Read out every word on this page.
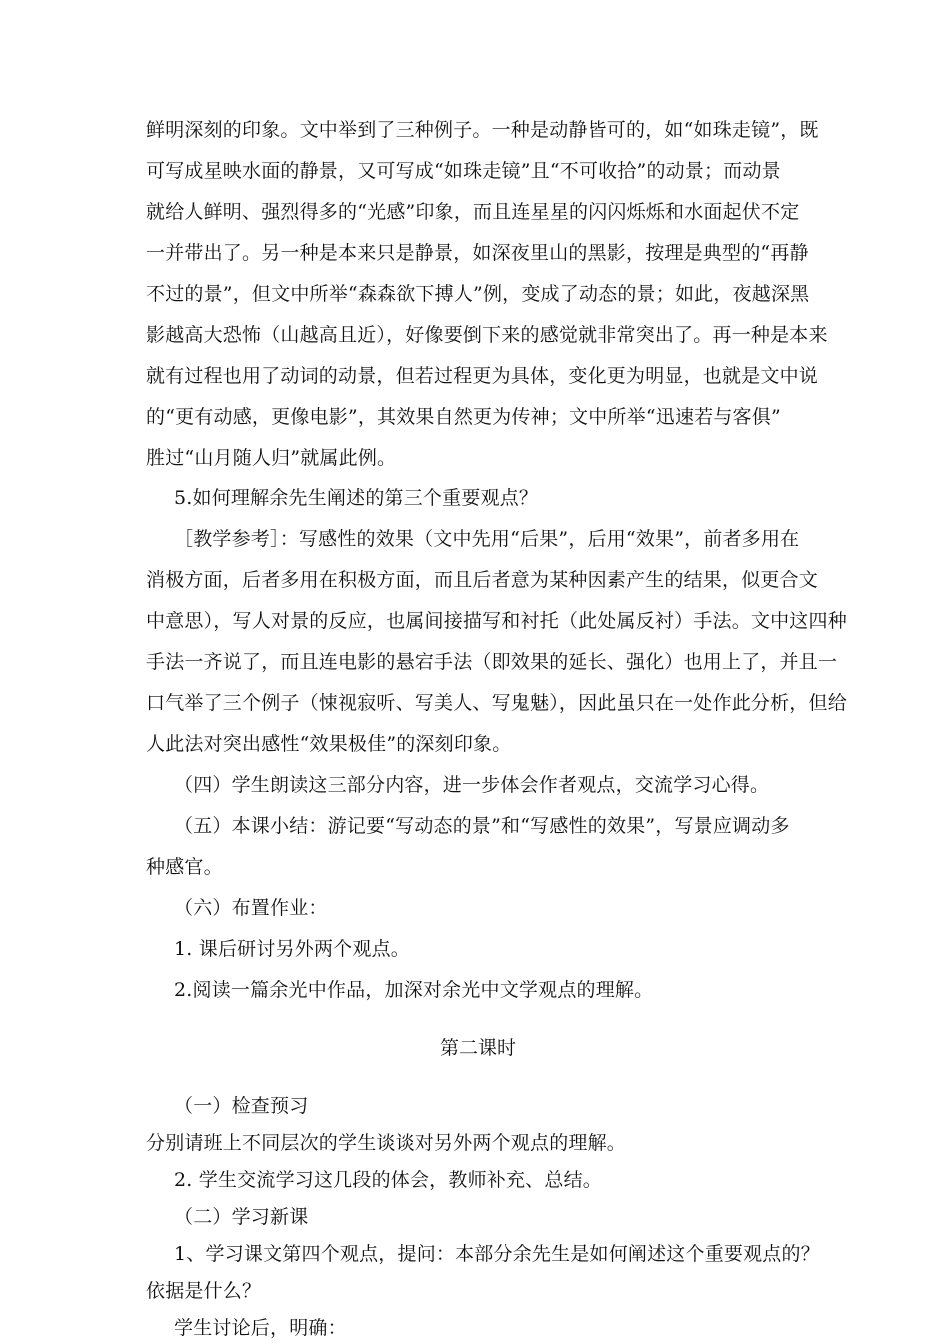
鲜明深刻的印象。文中举到了三种例子。一种是动静皆可的，如“如珠走镜”，既
可写成星映水面的静景，又可写成“如珠走镜”且“不可收拾”的动景；而动景
就给人鲜明、强烈得多的“光感”印象，而且连星星的闪闪烁烁和水面起伏不定
一并带出了。另一种是本来只是静景，如深夜里山的黑影，按理是典型的“再静
不过的景”，但文中所举“森森欲下搏人”例，变成了动态的景；如此，夜越深黑
影越高大恐怖（山越高且近），好像要倒下来的感觉就非常突出了。再一种是本来
就有过程也用了动词的动景，但若过程更为具体，变化更为明显，也就是文中说
的“更有动感，更像电影”，其效果自然更为传神；文中所举“迅速若与客俱”
胜过“山月随人归”就属此例。
5.如何理解余先生阐述的第三个重要观点？
［教学参考］：写感性的效果（文中先用“后果”，后用“效果”，前者多用在
消极方面，后者多用在积极方面，而且后者意为某种因素产生的结果，似更合文
中意思），写人对景的反应，也属间接描写和衬托（此处属反衬）手法。文中这四种
手法一齐说了，而且连电影的悬宕手法（即效果的延长、强化）也用上了，并且一
口气举了三个例子（悚视寂听、写美人、写鬼魅），因此虽只在一处作此分析，但给
人此法对突出感性“效果极佳”的深刻印象。
（四）学生朗读这三部分内容，进一步体会作者观点，交流学习心得。
（五）本课小结：游记要“写动态的景”和“写感性的效果”，写景应调动多
种感官。
（六）布置作业：
1. 课后研讨另外两个观点。
2.阅读一篇余光中作品，加深对余光中文学观点的理解。
第二课时
（一）检查预习
分别请班上不同层次的学生谈谈对另外两个观点的理解。
2. 学生交流学习这几段的体会，教师补充、总结。
（二）学习新课
1、学习课文第四个观点，提问：本部分余先生是如何阐述这个重要观点的？
依据是什么？
学生讨论后，明确：
